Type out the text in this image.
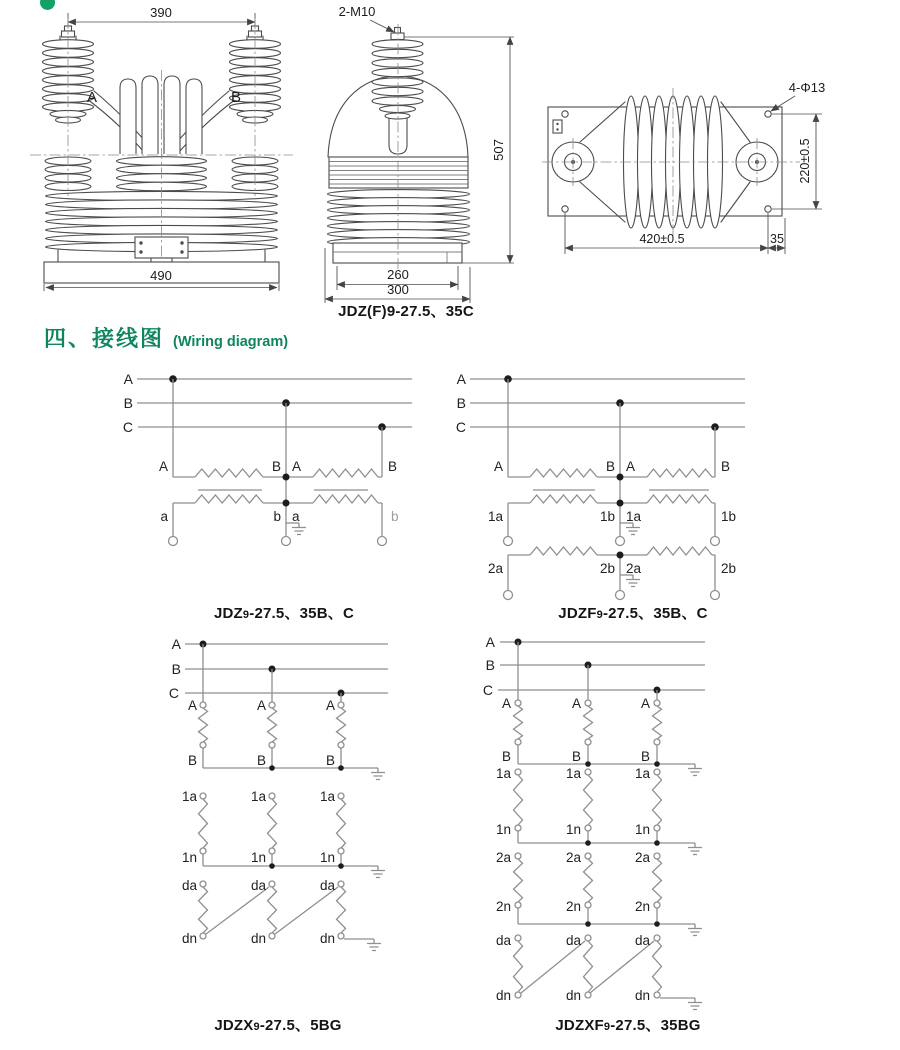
390
490
A	B
2-M10
507
260
300
4-Φ13
220±0.5
420±0.5	35
A
B
C
A	B A	B
a	b a	b
A
B
C
A	B A	B
1a	1b 1a	1b
2a	2b 2a	2b
A
B
C
A	A	A
B	B	B
1a	1a	1a
1n	1n	1n
da	da	da
dn	dn	dn
A
B
C
A	A	A
B	B	B
1a	1a	1a
1n	1n	1n
2a	2a	2a
2n	2n	2n
da	da	da
dn	dn	dn
JDZ(F)9-27.5、35C
四、接线图 (Wiring diagram)
JDZ9-27.5、35B、C	JDZF9-27.5、35B、C
JDZX9-27.5、5BG	JDZXF9-27.5、35BG
